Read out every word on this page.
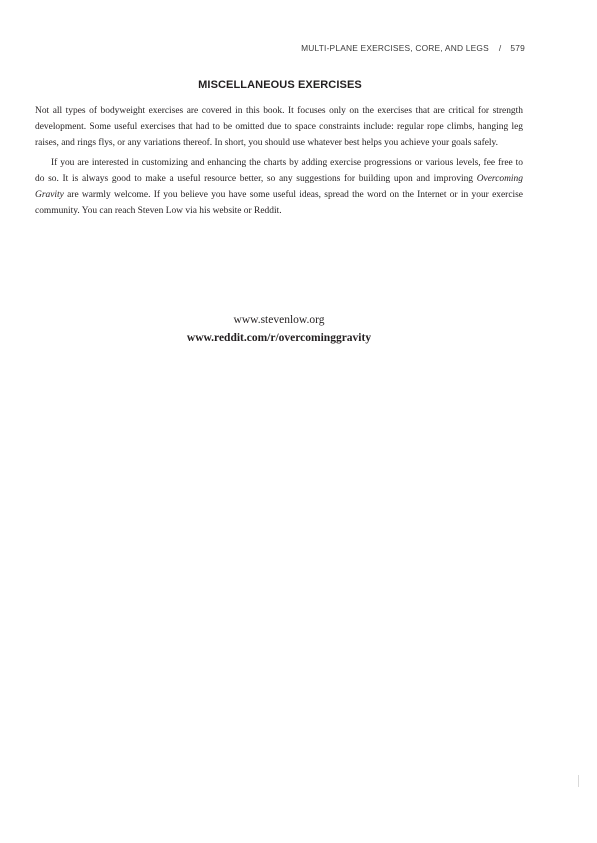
MULTI-PLANE EXERCISES, CORE, AND LEGS / 579
MISCELLANEOUS EXERCISES

Not all types of bodyweight exercises are covered in this book. It focuses only on the exercises that are critical for strength development. Some useful exercises that had to be omitted due to space constraints include: regular rope climbs, hanging leg raises, and rings flys, or any variations thereof. In short, you should use whatever best helps you achieve your goals safely.

If you are interested in customizing and enhancing the charts by adding exercise progressions or various levels, fee free to do so. It is always good to make a useful resource better, so any suggestions for building upon and improving Overcoming Gravity are warmly welcome. If you believe you have some useful ideas, spread the word on the Internet or in your exercise community. You can reach Steven Low via his website or Reddit.

www.stevenlow.org
www.reddit.com/r/overcominggravity
